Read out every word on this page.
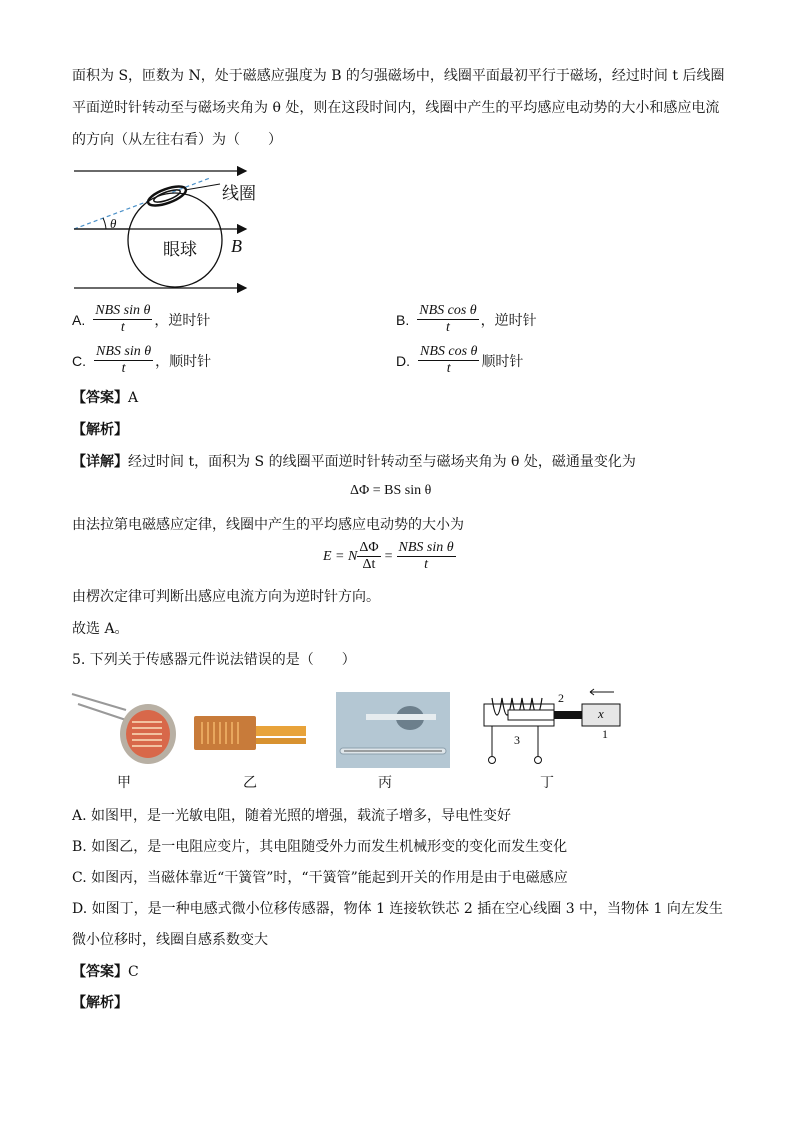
面积为 S，匝数为 N，处于磁感应强度为 B 的匀强磁场中，线圈平面最初平行于磁场，经过时间 t 后线圈
平面逆时针转动至与磁场夹角为 θ 处，则在这段时间内，线圈中产生的平均感应电动势的大小和感应电流
的方向（从左往右看）为（　　）
线圈
眼球 B
θ
A. $\frac{\text{NBS sin θ}}{t}$ ，逆时针	B. $\frac{\text{NBS cos θ}}{t}$ ，逆时针
C. $\frac{\text{NBS sin θ}}{t}$ ，顺时针	D. $\frac{\text{NBS cos θ}}{t}$ 顺时针
【答案】A
【解析】
【详解】经过时间 t，面积为 S 的线圈平面逆时针转动至与磁场夹角为 θ 处，磁通量变化为
ΔΦ = BS sin θ
由法拉第电磁感应定律，线圈中产生的平均感应电动势的大小为
E = N $\frac{\Delta\Phi}{\Delta t} = \frac{\text{NBS sin θ}}{t}$
由楞次定律可判断出感应电流方向为逆时针方向。
故选 A。
5. 下列关于传感器元件说法错误的是（　　）
甲	乙	丙
x
2
3	1
丁
A. 如图甲，是一光敏电阻，随着光照的增强，载流子增多，导电性变好
B. 如图乙，是一电阻应变片，其电阻随受外力而发生机械形变的变化而发生变化
C. 如图丙，当磁体靠近“干簧管”时，“干簧管”能起到开关的作用是由于电磁感应
D. 如图丁，是一种电感式微小位移传感器，物体 1 连接软铁芯 2 插在空心线圈 3 中，当物体 1 向左发生
微小位移时，线圈自感系数变大
【答案】C
【解析】
